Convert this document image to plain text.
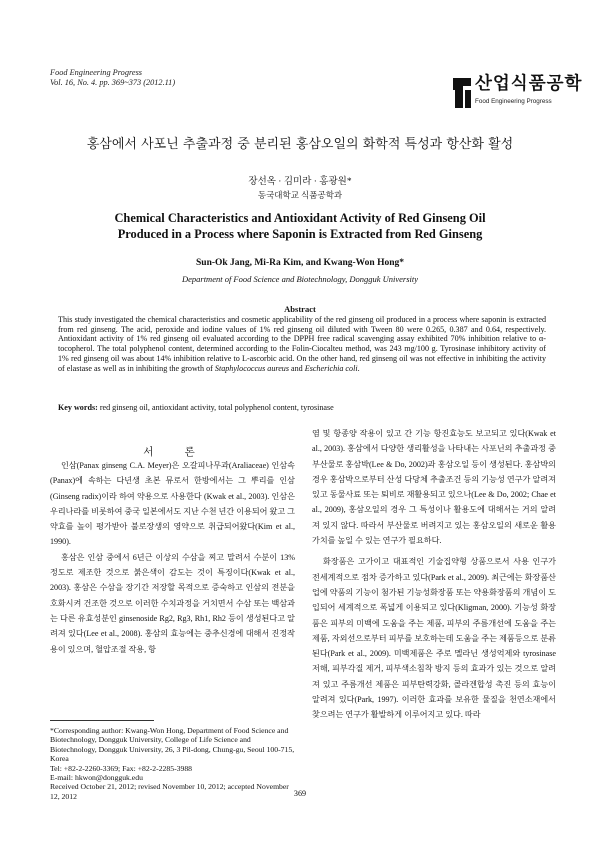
Food Engineering Progress
Vol. 16, No. 4. pp. 369~373 (2012.11)	산업식품공학
Food Engineering Progress
홍삼에서 사포닌 추출과정 중 분리된 홍삼오일의 화학적 특성과 항산화 활성
장선옥 · 김미라 · 홍광원*
동국대학교 식품공학과
Chemical Characteristics and Antioxidant Activity of Red Ginseng Oil
Produced in a Process where Saponin is Extracted from Red Ginseng
Sun-Ok Jang, Mi-Ra Kim, and Kwang-Won Hong*
Department of Food Science and Biotechnology, Dongguk University
Abstract
This study investigated the chemical characteristics and cosmetic applicability of the red ginseng oil produced in a process where saponin is extracted from red ginseng. The acid, peroxide and iodine values of 1% red ginseng oil diluted with Tween 80 were 0.265, 0.387 and 0.64, respectively. Antioxidant activity of 1% red ginseng oil evaluated according to the DPPH free radical scavenging assay exhibited 70% inhibition relative to α-tocopherol. The total polyphenol content, determined according to the Folin-Ciocalteu method, was 243 mg/100 g. Tyrosinase inhibitory activity of 1% red ginseng oil was about 14% inhibition relative to L-ascorbic acid. On the other hand, red ginseng oil was not effective in inhibiting the activity of elastase as well as in inhibiting the growth of Staphylococcus aureus and Escherichia coli.
Key words: red ginseng oil, antioxidant activity, total polyphenol content, tyrosinase
서 론

인삼(Panax ginseng C.A. Meyer)은 오갈피나무과(Araliaceae) 인삼속(Panax)에 속하는 다년생 초본 뮤로서 한방에서는 그 뿌리를 인삼(Ginseng radix)이라 하여 약용으로 사용한다 (Kwak et al., 2003). 인삼은 우리나라를 비롯하여 중국 일본에서도 지난 수천 년간 이용되어 왔고 그 약효를 높이 평가받아 불로장생의 영약으로 취급되어왔다(Kim et al., 1990).

홍삼은 인삼 중에서 6년근 이상의 수삼을 찌고 말려서 수분이 13% 정도로 제조한 것으로 붉은색이 감도는 것이 특징이다(Kwak et al., 2003). 홍삼은 수삼을 장기간 저장할 목적으로 증숙하고 인삼의 전분을 호화시켜 건조한 것으로 이러한 수치과정을 거치면서 수삼 또는 백삼과는 다른 유효성분인 ginsenoside Rg2, Rg3, Rh1, Rh2 등이 생성된다고 알려져 있다(Lee et al., 2008). 홍삼의 효능에는 중추신경에 대해서 진정작용이 있으며, 혈압조절 작용, 항

염 및 항종양 작용이 있고 간 기능 항진효능도 보고되고 있다(Kwak et al., 2003). 홍삼에서 다양한 생리활성을 나타내는 사포닌의 추출과정 중 부산물로 홍삼박(Lee & Do, 2002)과 홍삼오일 등이 생성된다. 홍삼박의 경우 홍삼박으로부터 산성 다당체 추출조건 등의 기능성 연구가 알려져 있고 동물사료 또는 퇴비로 재활용되고 있으나(Lee & Do, 2002; Chae et al., 2009), 홍삼오일의 경우 그 특성이나 활용도에 대해서는 거의 알려져 있지 않다. 따라서 부산물로 버려지고 있는 홍삼오일의 새로운 활용가치를 높일 수 있는 연구가 필요하다.

화장품은 고가이고 대표적인 기술집약형 상품으로서 사용 인구가 전세계적으로 점차 증가하고 있다(Park et al., 2009). 최근에는 화장품산업에 약품의 기능이 첨가된 기능성화장품 또는 약용화장품의 개념이 도입되어 세계적으로 폭넓게 이용되고 있다(Kligman, 2000). 기능성 화장품은 피부의 미백에 도움을 주는 제품, 피부의 주름개선에 도움을 주는 제품, 자외선으로부터 피부를 보호하는데 도움을 주는 제품등으로 분류된다(Park et al., 2009). 미백제품은 주로 멜라닌 생성억제와 tyrosinase 저해, 피부각질 제거, 피부색소침착 방지 등의 효과가 있는 것으로 알려져 있고 주름개선 제품은 피부탄력강화, 콜라겐합성 촉진 등의 효능이 알려져 있다(Park, 1997). 이러한 효과를 보유한 물질을 천연소재에서 찾으려는 연구가 활발하게 이루어지고 있다. 따라

*Corresponding author: Kwang-Won Hong, Department of Food Science and Biotechnology, Dongguk University, College of Life Science and Biotechnology, Dongguk University, 26, 3 Pil-dong, Chung-gu, Seoul 100-715, Korea
Tel: +82-2-2260-3369; Fax: +82-2-2285-3988
E-mail: hkwon@dongguk.edu
Received October 21, 2012; revised November 10, 2012; accepted November 12, 2012	369
